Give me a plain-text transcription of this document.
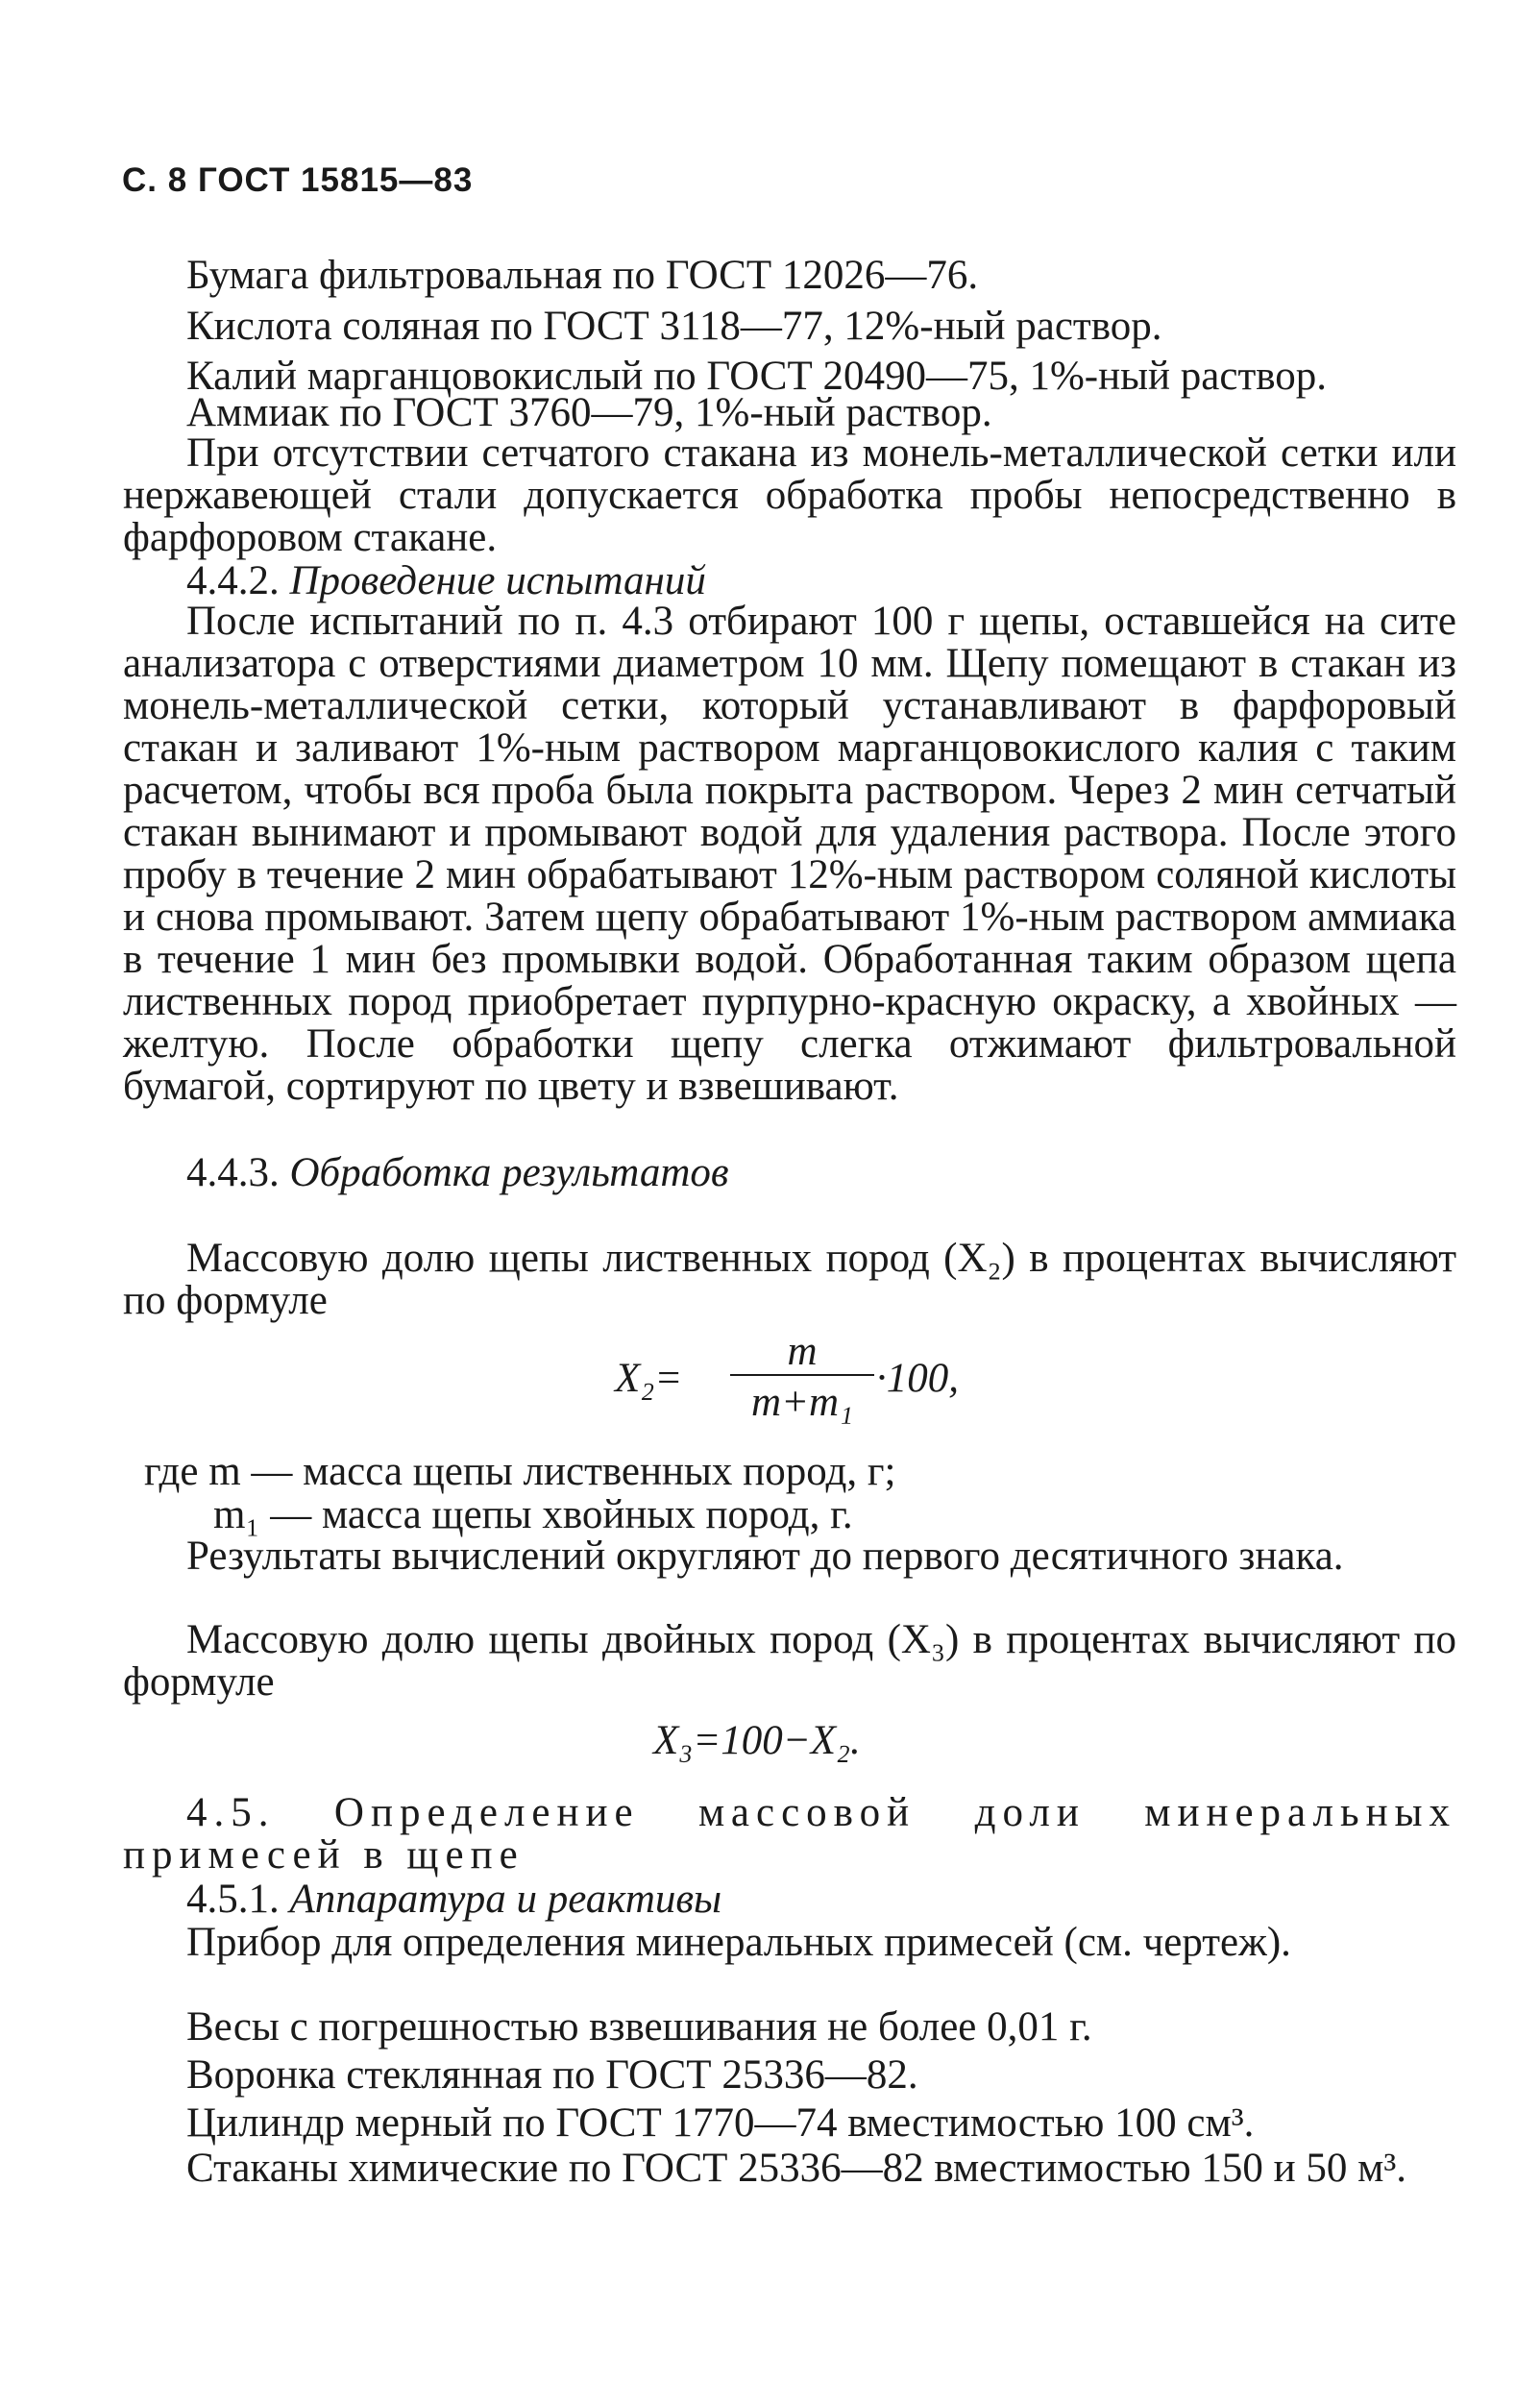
С. 8 ГОСТ 15815—83
Бумага фильтровальная по ГОСТ 12026—76.
Кислота соляная по ГОСТ 3118—77, 12%-ный раствор.
Калий марганцовокислый по ГОСТ 20490—75, 1%-ный раствор.
Аммиак по ГОСТ 3760—79, 1%-ный раствор.
При отсутствии сетчатого стакана из монель-металлической сетки или нержавеющей стали допускается обработка пробы непосредственно в фарфоровом стакане.
4.4.2. Проведение испытаний
После испытаний по п. 4.3 отбирают 100 г щепы, оставшейся на сите анализатора с отверстиями диаметром 10 мм. Щепу помещают в стакан из монель-металлической сетки, который устанавливают в фарфоровый стакан и заливают 1%-ным раствором марганцовокислого калия с таким расчетом, чтобы вся проба была покрыта раствором. Через 2 мин сетчатый стакан вынимают и промывают водой для удаления раствора. После этого пробу в течение 2 мин обрабатывают 12%-ным раствором соляной кислоты и снова промывают. Затем щепу обрабатывают 1%-ным раствором аммиака в течение 1 мин без промывки водой. Обработанная таким образом щепа лиственных пород приобретает пурпурно-красную окраску, а хвойных — желтую. После обработки щепу слегка отжимают фильтровальной бумагой, сортируют по цвету и взвешивают.
4.4.3. Обработка результатов
Массовую долю щепы лиственных пород (X₂) в процентах вычисляют по формуле
X₂=
m
m+m₁
·100,
где m — масса щепы лиственных пород, г;
m₁ — масса щепы хвойных пород, г.
Результаты вычислений округляют до первого десятичного знака.
Массовую долю щепы двойных пород (X₃) в процентах вычисляют по формуле
X₃=100−X₂.
4.5. Определение массовой доли минеральных примесей в щепе
4.5.1. Аппаратура и реактивы
Прибор для определения минеральных примесей (см. чертеж).
Весы с погрешностью взвешивания не более 0,01 г.
Воронка стеклянная по ГОСТ 25336—82.
Цилиндр мерный по ГОСТ 1770—74 вместимостью 100 см³.
Стаканы химические по ГОСТ 25336—82 вместимостью 150 и 50 м³.
